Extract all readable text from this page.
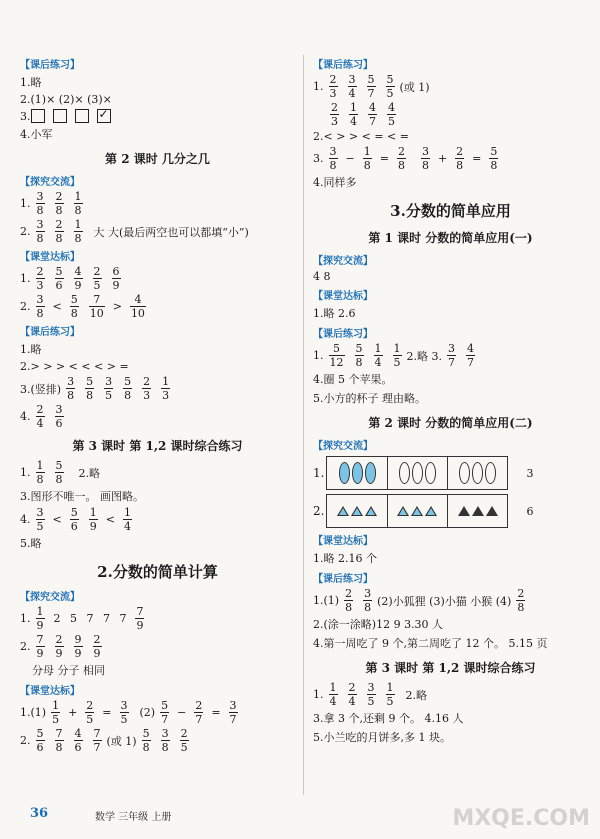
【课后练习】
1.略
2.(1)× (2)× (3)×
3.	✓
4.小军
第 2 课时 几分之几
【探究交流】
1. $\frac{3}{8} \frac{2}{8} \frac{1}{8}$
2. $\frac{3}{8} \frac{2}{8} \frac{1}{8}$ 大 大(最后两空也可以都填“小”)
【课堂达标】
1. $\frac{2}{3} \frac{5}{6} \frac{4}{9} \frac{2}{5} \frac{6}{9}$
2. $\frac{3}{8} < \frac{5}{8} \frac{7}{10} > \frac{4}{10}$
【课后练习】
1.略
2.> > > < < < > =
3.(竖排) $\frac{3}{8} \frac{5}{8} \frac{3}{5} \frac{5}{8} \frac{2}{3} \frac{1}{3}$
4. $\frac{2}{4} \frac{3}{6}$
第 3 课时 第 1,2 课时综合练习
1. $\frac{1}{8} \frac{5}{8} 2$.略
3.图形不唯一。 画图略。
4. $\frac{3}{5} < \frac{5}{6} \frac{1}{9} < \frac{1}{4}$
5.略
2.分数的简单计算
【探究交流】
1. $\frac{1}{9} 2$ 5 7 7 $7 \frac{7}{9}$
2. $\frac{7}{9} \frac{2}{9} \frac{9}{9} \frac{2}{9}$
分母 分子 相同
【课堂达标】
$1.(1) \frac{1}{5} + \frac{2}{5} = \frac{3}{5} (2) \frac{5}{7} - \frac{2}{7} = \frac{3}{7}$
2. $\frac{5}{6} \frac{7}{8} \frac{4}{6} \frac{7}{7}$ (或 $1) \frac{5}{8} \frac{3}{8} \frac{2}{5}$
【课后练习】
1. $\frac{2}{3} \frac{3}{4} \frac{5}{7} \frac{5}{5}$ (或 1)
$\frac{2}{3} \frac{1}{4} \frac{4}{7} \frac{4}{5}$
2.< > > < = < =
3. $\frac{3}{8} - \frac{1}{8} = \frac{2}{8} \frac{3}{8} + \frac{2}{8} = \frac{5}{8}$
4.同样多
3.分数的简单应用
第 1 课时 分数的简单应用(一)
【探究交流】
4 8
【课堂达标】
1.略 2.6
【课后练习】
1. $\frac{5}{12} \frac{5}{8} \frac{1}{4} \frac{1}{5} 2$.略 3. $\frac{3}{7} \frac{4}{7}$
4.圈 5 个苹果。
5.小方的杯子 理由略。
第 2 课时 分数的简单应用(二)
【探究交流】
1.	3
2.	6
【课堂达标】
1.略 2.16 个
【课后练习】
$1.(1) \frac{2}{8} \frac{3}{8} (2)$小狐狸 (3)小猫 小猴 $(4) \frac{2}{8}$
2.(涂一涂略)12 9 3.30 人
4.第一周吃了 9 个,第二周吃了 12 个。 5.15 页
第 3 课时 第 1,2 课时综合练习
1. $\frac{1}{4} \frac{2}{4} \frac{3}{5} \frac{1}{5} 2$.略
3.拿 3 个,还剩 9 个。 4.16 人
5.小兰吃的月饼多,多 1 块。
36	数学 三年级 上册	MXQE.COM
